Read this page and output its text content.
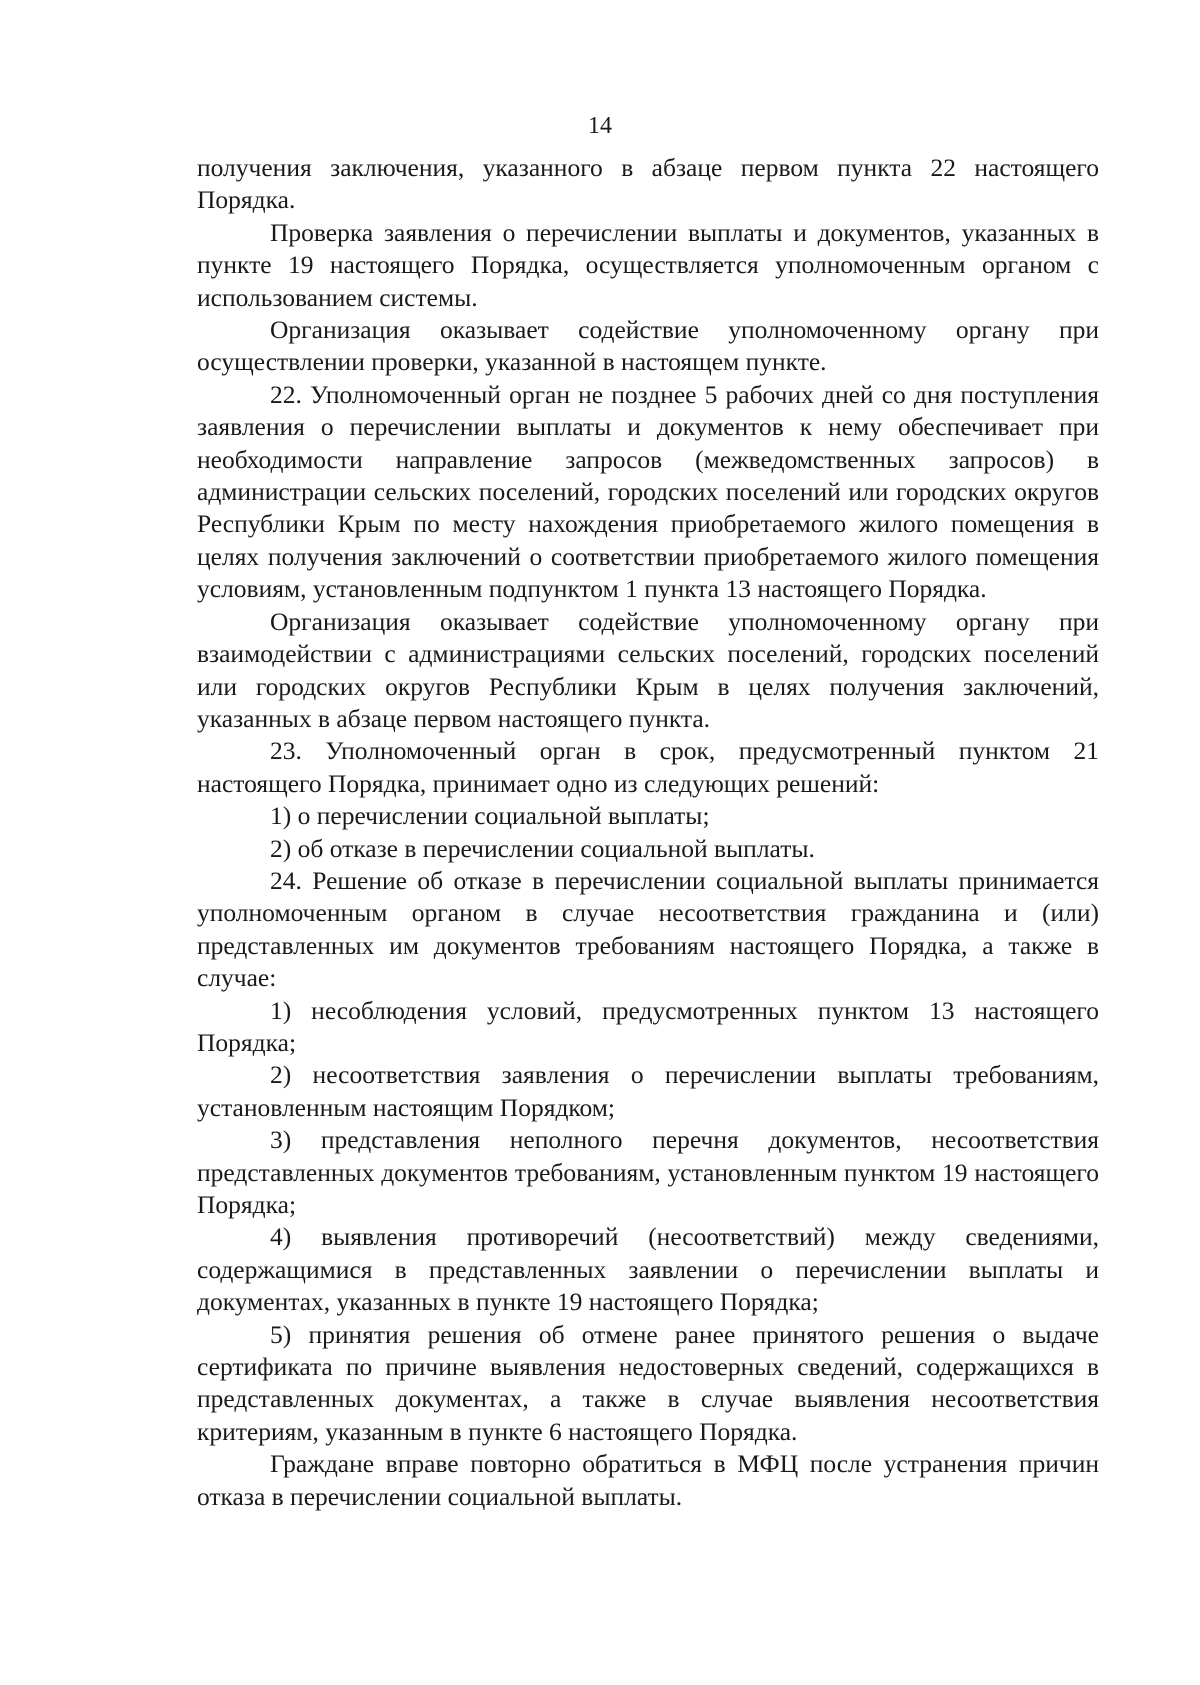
14

получения заключения, указанного в абзаце первом пункта 22 настоящего Порядка.

Проверка заявления о перечислении выплаты и документов, указанных в пункте 19 настоящего Порядка, осуществляется уполномоченным органом с использованием системы.

Организация оказывает содействие уполномоченному органу при осуществлении проверки, указанной в настоящем пункте.

22. Уполномоченный орган не позднее 5 рабочих дней со дня поступления заявления о перечислении выплаты и документов к нему обеспечивает при необходимости направление запросов (межведомственных запросов) в администрации сельских поселений, городских поселений или городских округов Республики Крым по месту нахождения приобретаемого жилого помещения в целях получения заключений о соответствии приобретаемого жилого помещения условиям, установленным подпунктом 1 пункта 13 настоящего Порядка.

Организация оказывает содействие уполномоченному органу при взаимодействии с администрациями сельских поселений, городских поселений или городских округов Республики Крым в целях получения заключений, указанных в абзаце первом настоящего пункта.

23. Уполномоченный орган в срок, предусмотренный пунктом 21 настоящего Порядка, принимает одно из следующих решений:

1) о перечислении социальной выплаты;

2) об отказе в перечислении социальной выплаты.

24. Решение об отказе в перечислении социальной выплаты принимается уполномоченным органом в случае несоответствия гражданина и (или) представленных им документов требованиям настоящего Порядка, а также в случае:

1) несоблюдения условий, предусмотренных пунктом 13 настоящего Порядка;

2) несоответствия заявления о перечислении выплаты требованиям, установленным настоящим Порядком;

3) представления неполного перечня документов, несоответствия представленных документов требованиям, установленным пунктом 19 настоящего Порядка;

4) выявления противоречий (несоответствий) между сведениями, содержащимися в представленных заявлении о перечислении выплаты и документах, указанных в пункте 19 настоящего Порядка;

5) принятия решения об отмене ранее принятого решения о выдаче сертификата по причине выявления недостоверных сведений, содержащихся в представленных документах, а также в случае выявления несоответствия критериям, указанным в пункте 6 настоящего Порядка.

Граждане вправе повторно обратиться в МФЦ после устранения причин отказа в перечислении социальной выплаты.
